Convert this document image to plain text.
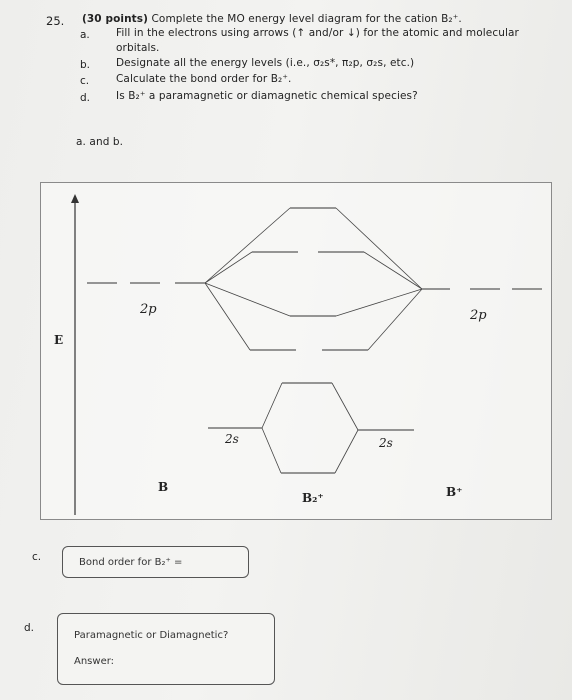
25. (30 points) Complete the MO energy level diagram for the cation B₂⁺.
a. Fill in the electrons using arrows (↑ and/or ↓) for the atomic and molecular
orbitals.
b. Designate all the energy levels (i.e., σ₂s*, π₂p, σ₂s, etc.)
c.	Calculate the bond order for B₂⁺.
d. Is B₂⁺ a paramagnetic or diamagnetic chemical species?
a. and b.
E
2p	2p
2s	2s
B
B₂⁺	B⁺
c.	Bond order for B₂⁺ =
d.
Paramagnetic or Diamagnetic?
Answer:
